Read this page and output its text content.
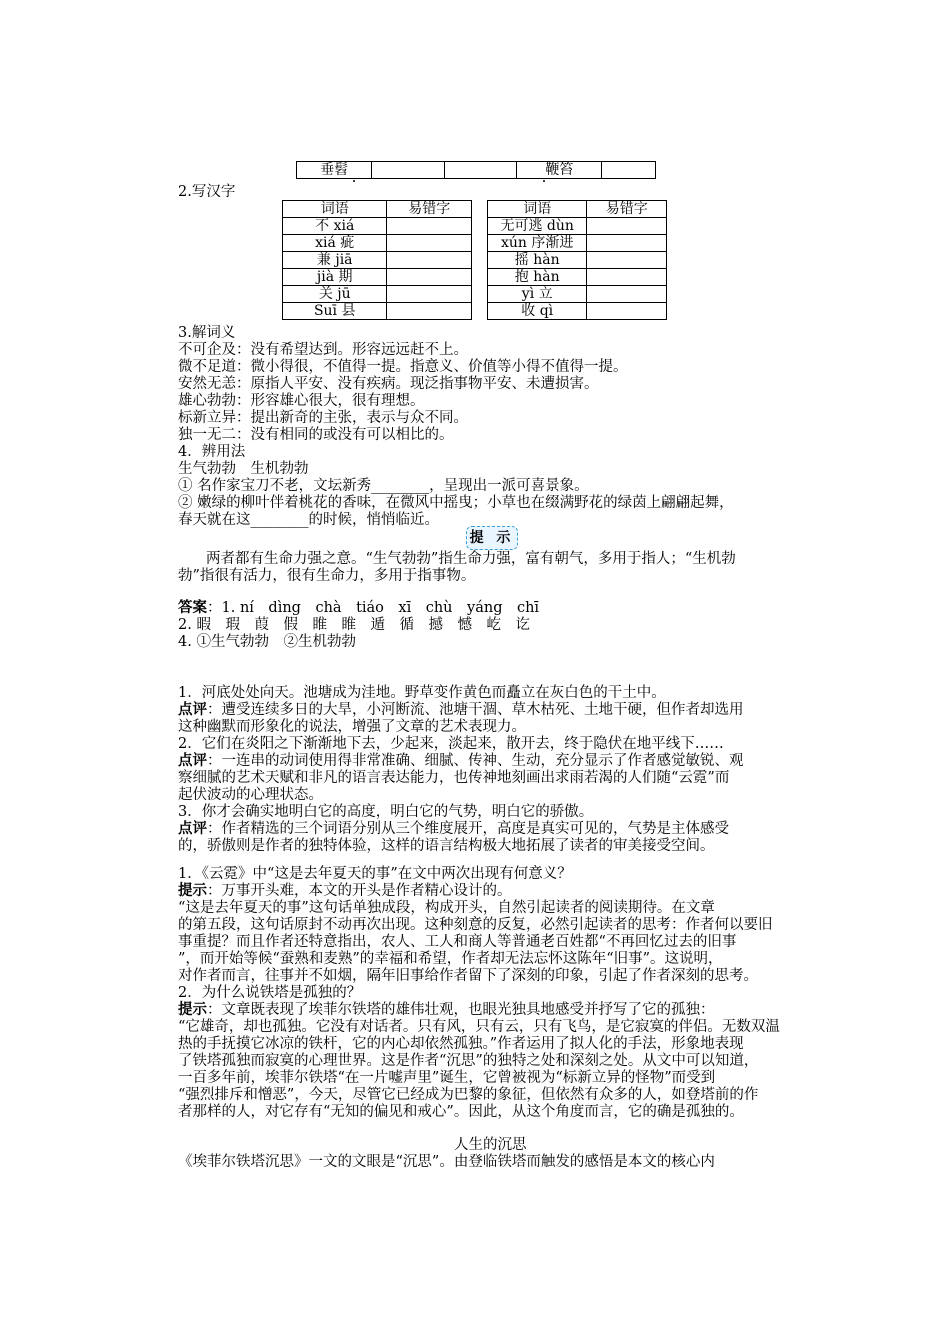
垂髫			鞭笞	
2.写汉字
词语	易错字
不 xiá	
xiá 疵	
兼 jiā	
jià 期	
关 jū	
Suī 县	
词语	易错字
无可逃 dùn	
xún 序渐进	
摇 hàn	
抱 hàn	
yì 立	
收 qì	
3.解词义
不可企及：没有希望达到。形容远远赶不上。
微不足道：微小得很，不值得一提。指意义、价值等小得不值得一提。
安然无恙：原指人平安、没有疾病。现泛指事物平安、未遭损害。
雄心勃勃：形容雄心很大，很有理想。
标新立异：提出新奇的主张，表示与众不同。
独一无二：没有相同的或没有可以相比的。
4．辨用法
生气勃勃　生机勃勃
① 名作家宝刀不老，文坛新秀________，呈现出一派可喜景象。
② 嫩绿的柳叶伴着桃花的香味，在微风中摇曳；小草也在缀满野花的绿茵上翩翩起舞，
春天就在这________的时候，悄悄临近。
提 示
两者都有生命力强之意。“生气勃勃”指生命力强，富有朝气，多用于指人；“生机勃
勃”指很有活力，很有生命力，多用于指事物。
答案：1. ní　dìng　chà　tiáo　xī　chù　yáng　chī
2. 暇　瑕　葭　假　睢　睢　遁　循　撼　憾　屹　讫
4. ①生气勃勃　②生机勃勃
1．河底处处向天。池塘成为洼地。野草变作黄色而矗立在灰白色的干土中。
点评：遭受连续多日的大旱，小河断流、池塘干涸、草木枯死、土地干硬，但作者却选用
这种幽默而形象化的说法，增强了文章的艺术表现力。
2．它们在炎阳之下渐渐地下去，少起来，淡起来，散开去，终于隐伏在地平线下……
点评：一连串的动词使用得非常准确、细腻、传神、生动，充分显示了作者感觉敏锐、观
察细腻的艺术天赋和非凡的语言表达能力，也传神地刻画出求雨若渴的人们随“云霓”而
起伏波动的心理状态。
3．你才会确实地明白它的高度，明白它的气势，明白它的骄傲。
点评：作者精选的三个词语分别从三个维度展开，高度是真实可见的，气势是主体感受
的，骄傲则是作者的独特体验，这样的语言结构极大地拓展了读者的审美接受空间。
1．《云霓》中“这是去年夏天的事”在文中两次出现有何意义？
提示：万事开头难，本文的开头是作者精心设计的。
“这是去年夏天的事”这句话单独成段，构成开头，自然引起读者的阅读期待。在文章
的第五段，这句话原封不动再次出现。这种刻意的反复，必然引起读者的思考：作者何以要旧
事重提？而且作者还特意指出，农人、工人和商人等普通老百姓都“不再回忆过去的旧事
”，而开始等候“蚕熟和麦熟”的幸福和希望，作者却无法忘怀这陈年“旧事”。这说明，
对作者而言，往事并不如烟，隔年旧事给作者留下了深刻的印象，引起了作者深刻的思考。
2．为什么说铁塔是孤独的？
提示：文章既表现了埃菲尔铁塔的雄伟壮观，也眼光独具地感受并抒写了它的孤独：
“它雄奇，却也孤独。它没有对话者。只有风，只有云，只有飞鸟，是它寂寞的伴侣。无数双温
热的手抚摸它冰凉的铁杆，它的内心却依然孤独。”作者运用了拟人化的手法，形象地表现
了铁塔孤独而寂寞的心理世界。这是作者“沉思”的独特之处和深刻之处。从文中可以知道，
一百多年前，埃菲尔铁塔“在一片嘘声里”诞生，它曾被视为“标新立异的怪物”而受到
“强烈排斥和憎恶”，今天，尽管它已经成为巴黎的象征，但依然有众多的人，如登塔前的作
者那样的人，对它存有“无知的偏见和戒心”。因此，从这个角度而言，它的确是孤独的。
人生的沉思
《埃菲尔铁塔沉思》一文的文眼是“沉思”。由登临铁塔而触发的感悟是本文的核心内
